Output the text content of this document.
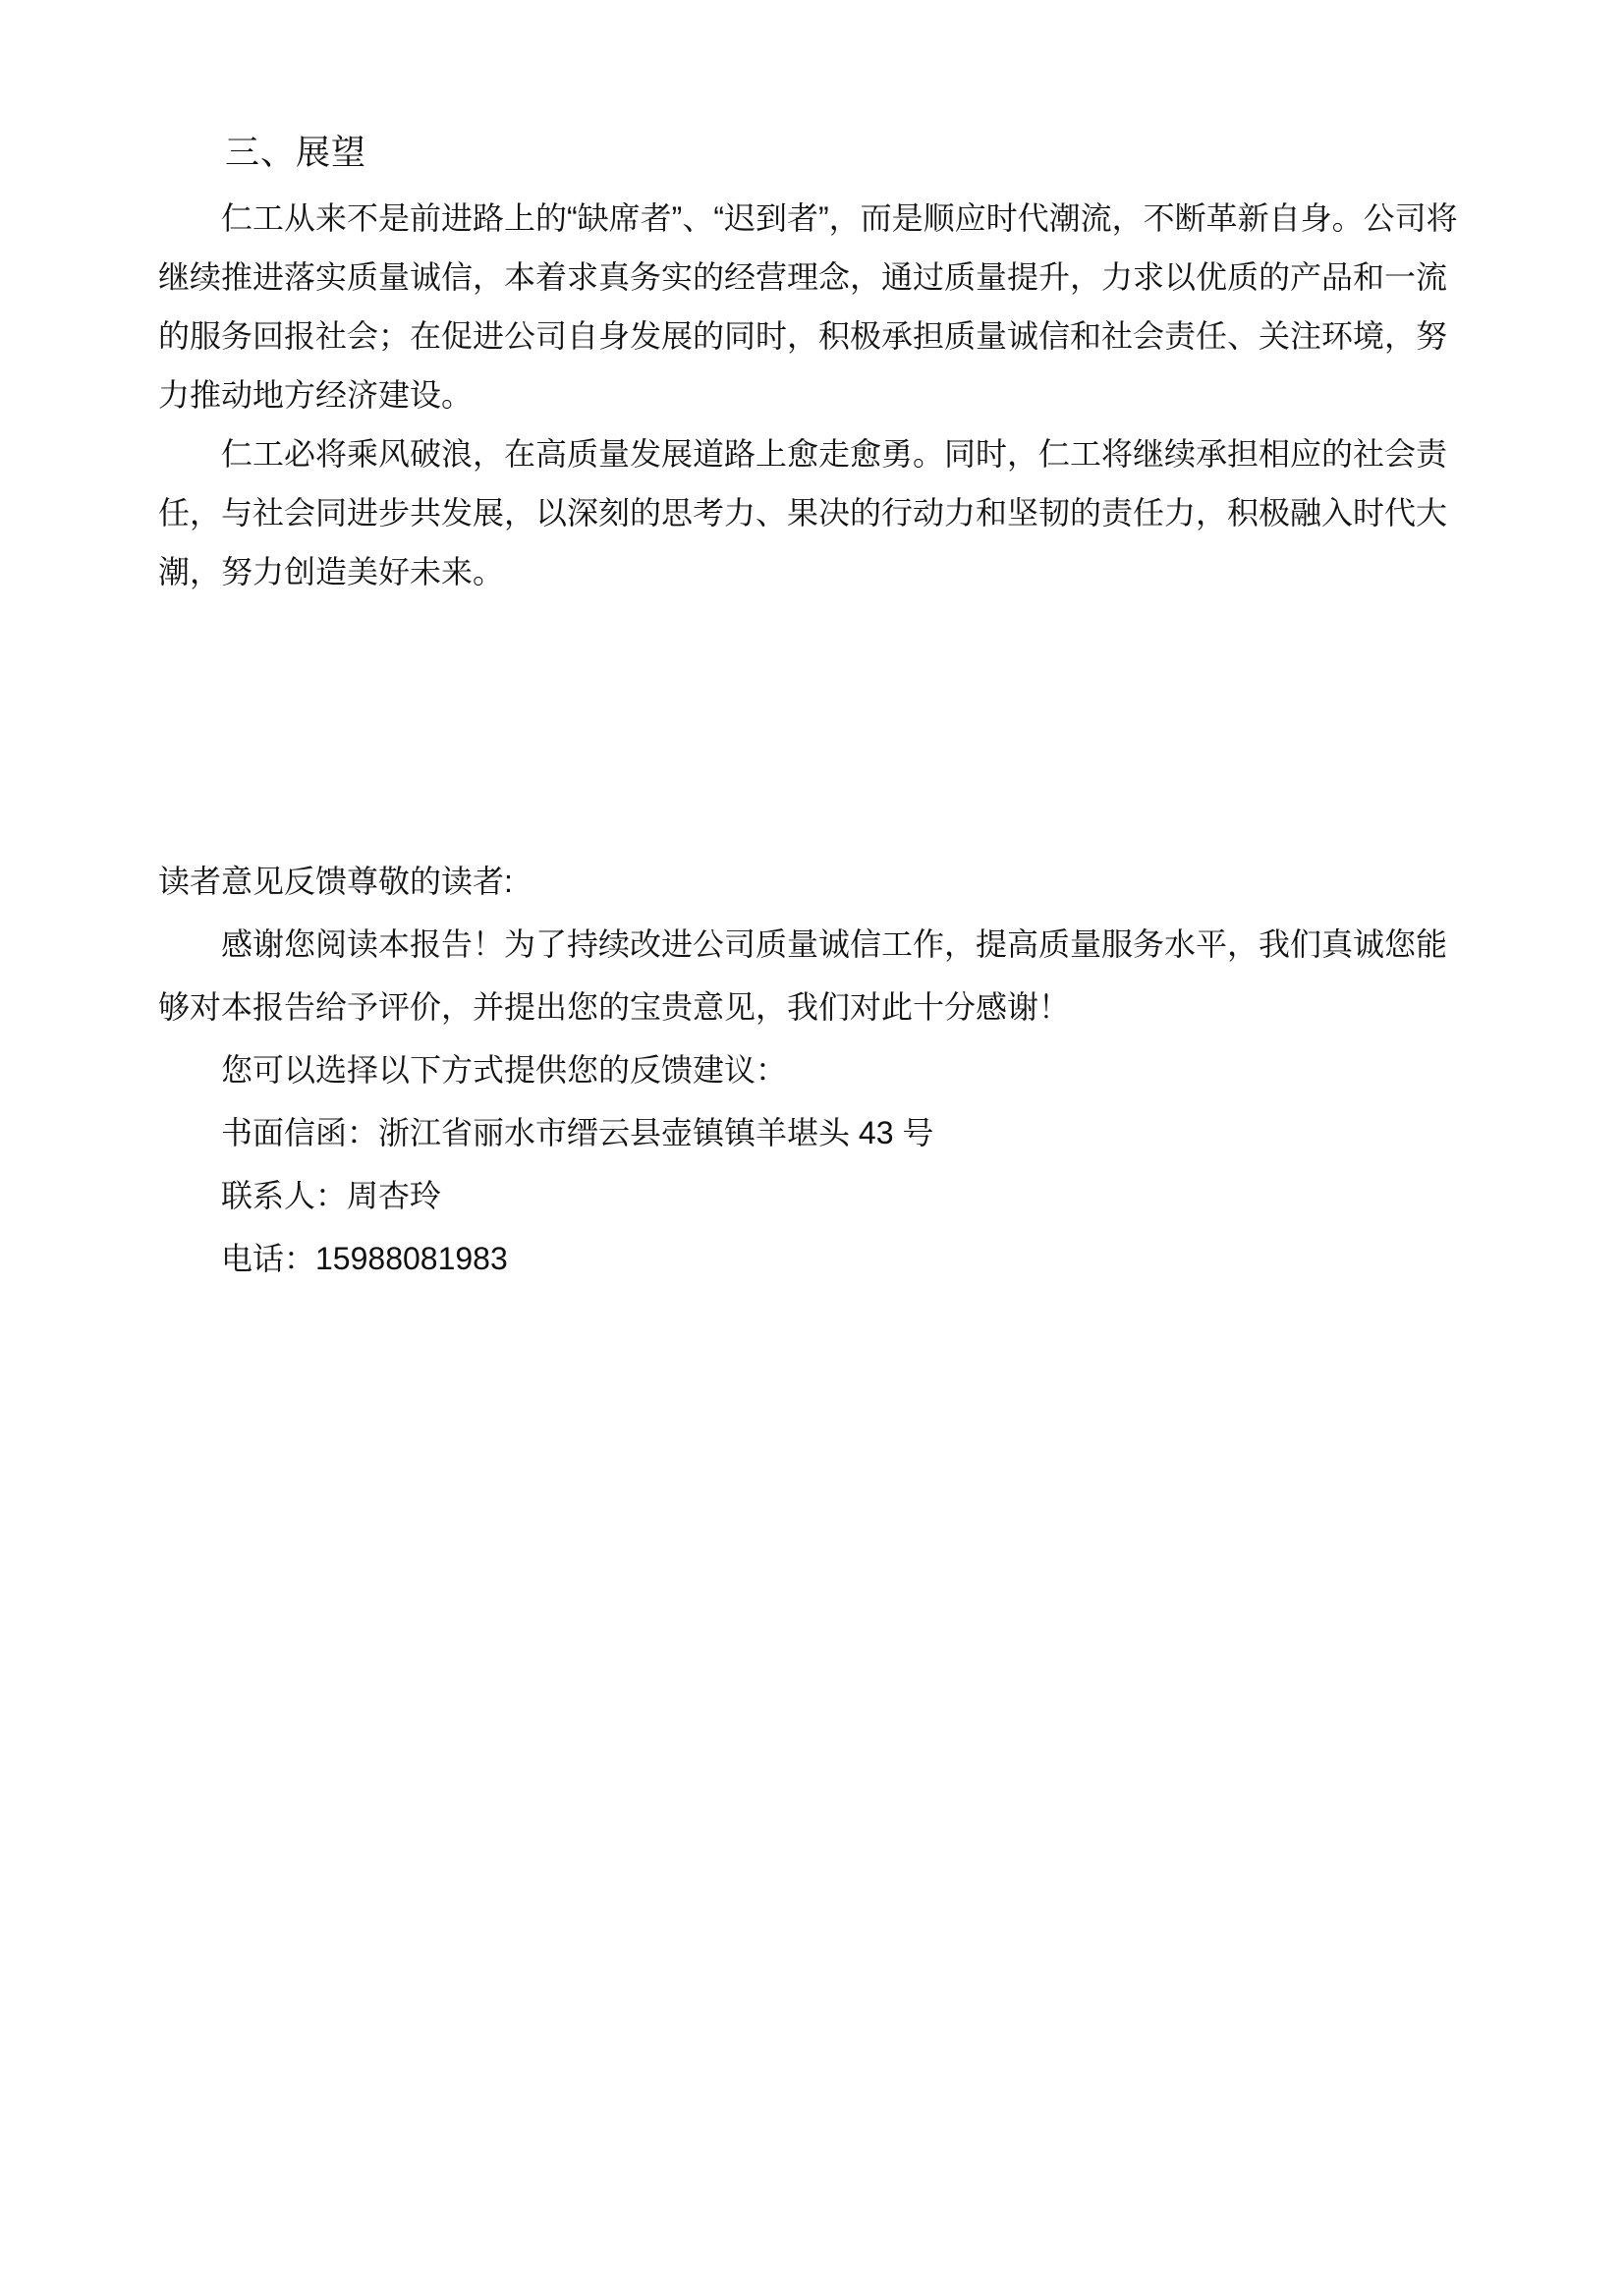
三、展望

仁工从来不是前进路上的“缺席者”、“迟到者”，而是顺应时代潮流，不断革新自身。公司将继续推进落实质量诚信，本着求真务实的经营理念，通过质量提升，力求以优质的产品和一流的服务回报社会；在促进公司自身发展的同时，积极承担质量诚信和社会责任、关注环境，努力推动地方经济建设。

仁工必将乘风破浪，在高质量发展道路上愈走愈勇。同时，仁工将继续承担相应的社会责任，与社会同进步共发展，以深刻的思考力、果决的行动力和坚韧的责任力，积极融入时代大潮，努力创造美好未来。

读者意见反馈尊敬的读者:

感谢您阅读本报告！为了持续改进公司质量诚信工作，提高质量服务水平，我们真诚您能够对本报告给予评价，并提出您的宝贵意见，我们对此十分感谢！

您可以选择以下方式提供您的反馈建议：

书面信函：浙江省丽水市缙云县壶镇镇羊堪头 43 号

联系人：周杏玲

电话：15988081983
